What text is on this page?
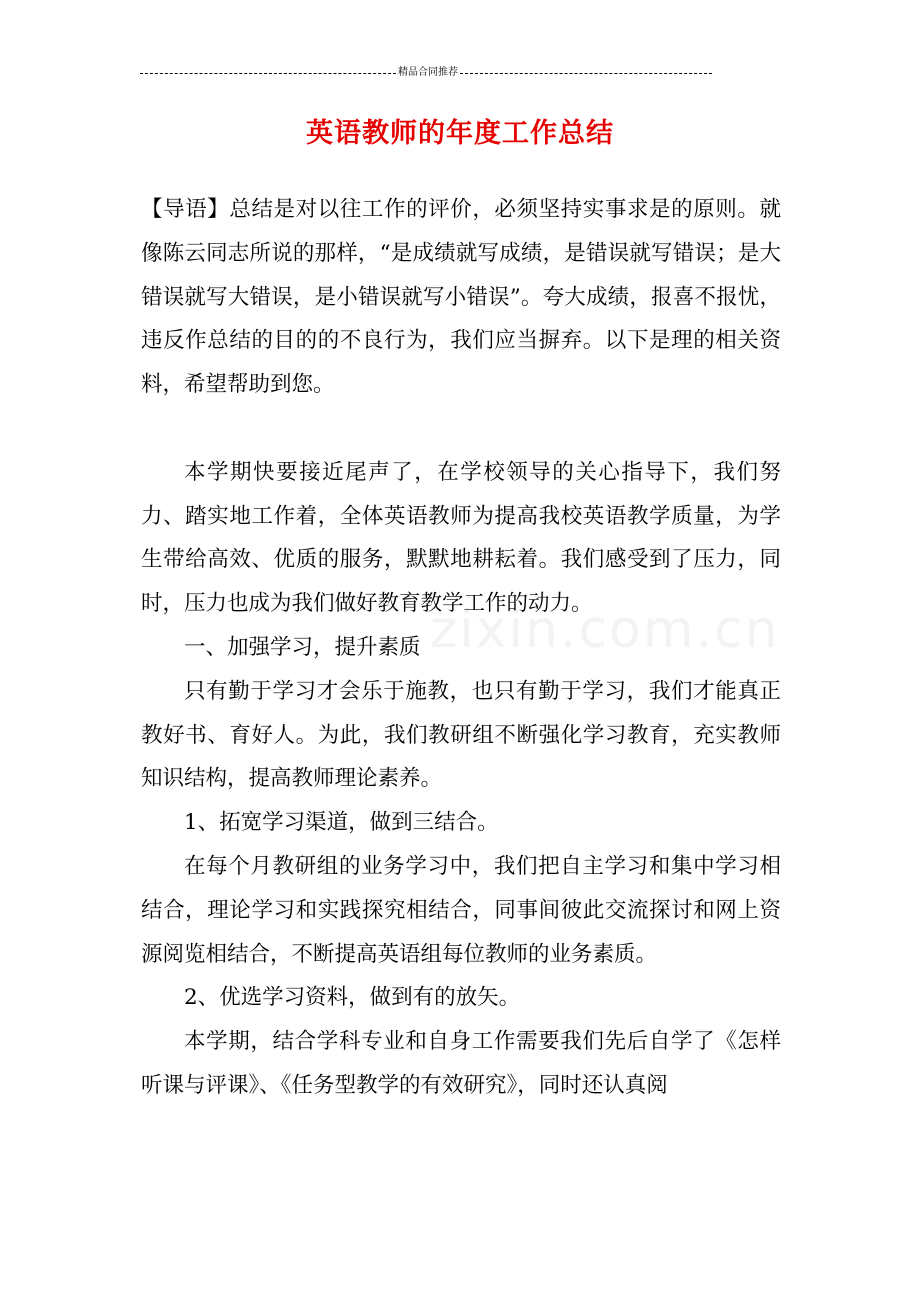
精品合同推荐
英语教师的年度工作总结
zixin.com.cn

【导语】总结是对以往工作的评价，必须坚持实事求是的原则。就像陈云同志所说的那样，“是成绩就写成绩，是错误就写错误；是大错误就写大错误，是小错误就写小错误”。夸大成绩，报喜不报忧，违反作总结的目的的不良行为，我们应当摒弃。以下是理的相关资料，希望帮助到您。

本学期快要接近尾声了，在学校领导的关心指导下，我们努力、踏实地工作着，全体英语教师为提高我校英语教学质量，为学生带给高效、优质的服务，默默地耕耘着。我们感受到了压力，同时，压力也成为我们做好教育教学工作的动力。

一、加强学习，提升素质

只有勤于学习才会乐于施教，也只有勤于学习，我们才能真正教好书、育好人。为此，我们教研组不断强化学习教育，充实教师知识结构，提高教师理论素养。

1、拓宽学习渠道，做到三结合。

在每个月教研组的业务学习中，我们把自主学习和集中学习相结合，理论学习和实践探究相结合，同事间彼此交流探讨和网上资源阅览相结合，不断提高英语组每位教师的业务素质。

2、优选学习资料，做到有的放矢。

本学期，结合学科专业和自身工作需要我们先后自学了《怎样听课与评课》、《任务型教学的有效研究》，同时还认真阅
